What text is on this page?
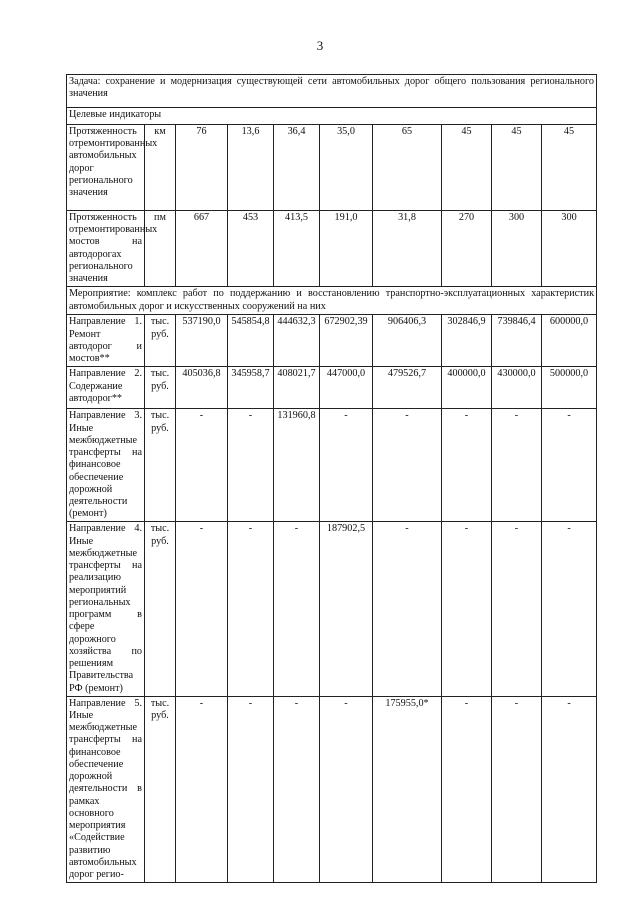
3
Задача: сохранение и модернизация существующей сети автомобильных дорог общего пользования регионального значения									
Целевые индикаторы									
Протяженность отремонтированных автомобильных дорог регионального значения	км	76	13,6	36,4	35,0	65	45	45	45
Протяженность отремонтированных мостов на автодорогах регионального значения	пм	667	453	413,5	191,0	31,8	270	300	300
Мероприятие: комплекс работ по поддержанию и восстановлению транспортно-эксплуатационных характеристик автомобильных дорог и искусственных сооружений на них									
Направление 1. Ремонт автодорог и мостов**	тыс. руб.	537190,0	545854,8	444632,3	672902,39	906406,3	302846,9	739846,4	600000,0
Направление 2. Содержание автодорог**	тыс. руб.	405036,8	345958,7	408021,7	447000,0	479526,7	400000,0	430000,0	500000,0
Направление 3. Иные межбюджетные трансферты на финансовое обеспечение дорожной деятельности (ремонт)	тыс. руб.	-	-	131960,8	-	-	-	-	-
Направление 4. Иные межбюджетные трансферты на реализацию мероприятий региональных программ в сфере дорожного хозяйства по решениям Правительства РФ (ремонт)	тыс. руб.	-	-	-	187902,5	-	-	-	-
Направление 5. Иные межбюджетные трансферты на финансовое обеспечение дорожной деятельности в рамках основного мероприятия «Содействие развитию автомобильных дорог регио-	тыс. руб.	-	-	-	-	175955,0*	-	-	-
